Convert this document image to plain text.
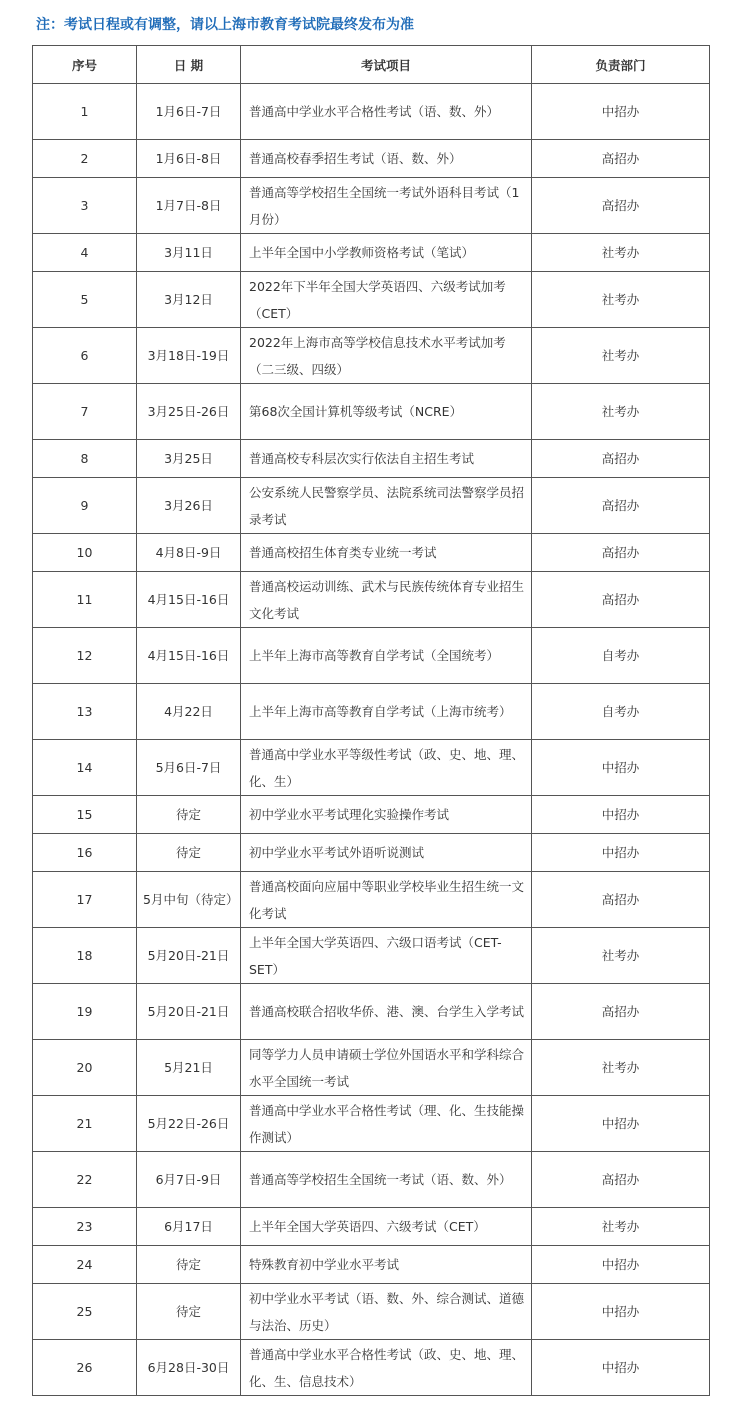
注：考试日程或有调整，请以上海市教育考试院最终发布为准
序号	日 期	考试项目	负责部门
1	1月6日-7日	普通高中学业水平合格性考试（语、数、外）	中招办
2	1月6日-8日	普通高校春季招生考试（语、数、外）	高招办
3	1月7日-8日	普通高等学校招生全国统一考试外语科目考试（1月份）	高招办
4	3月11日	上半年全国中小学教师资格考试（笔试）	社考办
5	3月12日	2022年下半年全国大学英语四、六级考试加考（CET）	社考办
6	3月18日-19日	2022年上海市高等学校信息技术水平考试加考（二三级、四级）	社考办
7	3月25日-26日	第68次全国计算机等级考试（NCRE）	社考办
8	3月25日	普通高校专科层次实行依法自主招生考试	高招办
9	3月26日	公安系统人民警察学员、法院系统司法警察学员招录考试	高招办
10	4月8日-9日	普通高校招生体育类专业统一考试	高招办
11	4月15日-16日	普通高校运动训练、武术与民族传统体育专业招生文化考试	高招办
12	4月15日-16日	上半年上海市高等教育自学考试（全国统考）	自考办
13	4月22日	上半年上海市高等教育自学考试（上海市统考）	自考办
14	5月6日-7日	普通高中学业水平等级性考试（政、史、地、理、化、生）	中招办
15	待定	初中学业水平考试理化实验操作考试	中招办
16	待定	初中学业水平考试外语听说测试	中招办
17	5月中旬（待定）	普通高校面向应届中等职业学校毕业生招生统一文化考试	高招办
18	5月20日-21日	上半年全国大学英语四、六级口语考试（CET-SET）	社考办
19	5月20日-21日	普通高校联合招收华侨、港、澳、台学生入学考试	高招办
20	5月21日	同等学力人员申请硕士学位外国语水平和学科综合水平全国统一考试	社考办
21	5月22日-26日	普通高中学业水平合格性考试（理、化、生技能操作测试）	中招办
22	6月7日-9日	普通高等学校招生全国统一考试（语、数、外）	高招办
23	6月17日	上半年全国大学英语四、六级考试（CET）	社考办
24	待定	特殊教育初中学业水平考试	中招办
25	待定	初中学业水平考试（语、数、外、综合测试、道德与法治、历史）	中招办
26	6月28日-30日	普通高中学业水平合格性考试（政、史、地、理、化、生、信息技术）	中招办
